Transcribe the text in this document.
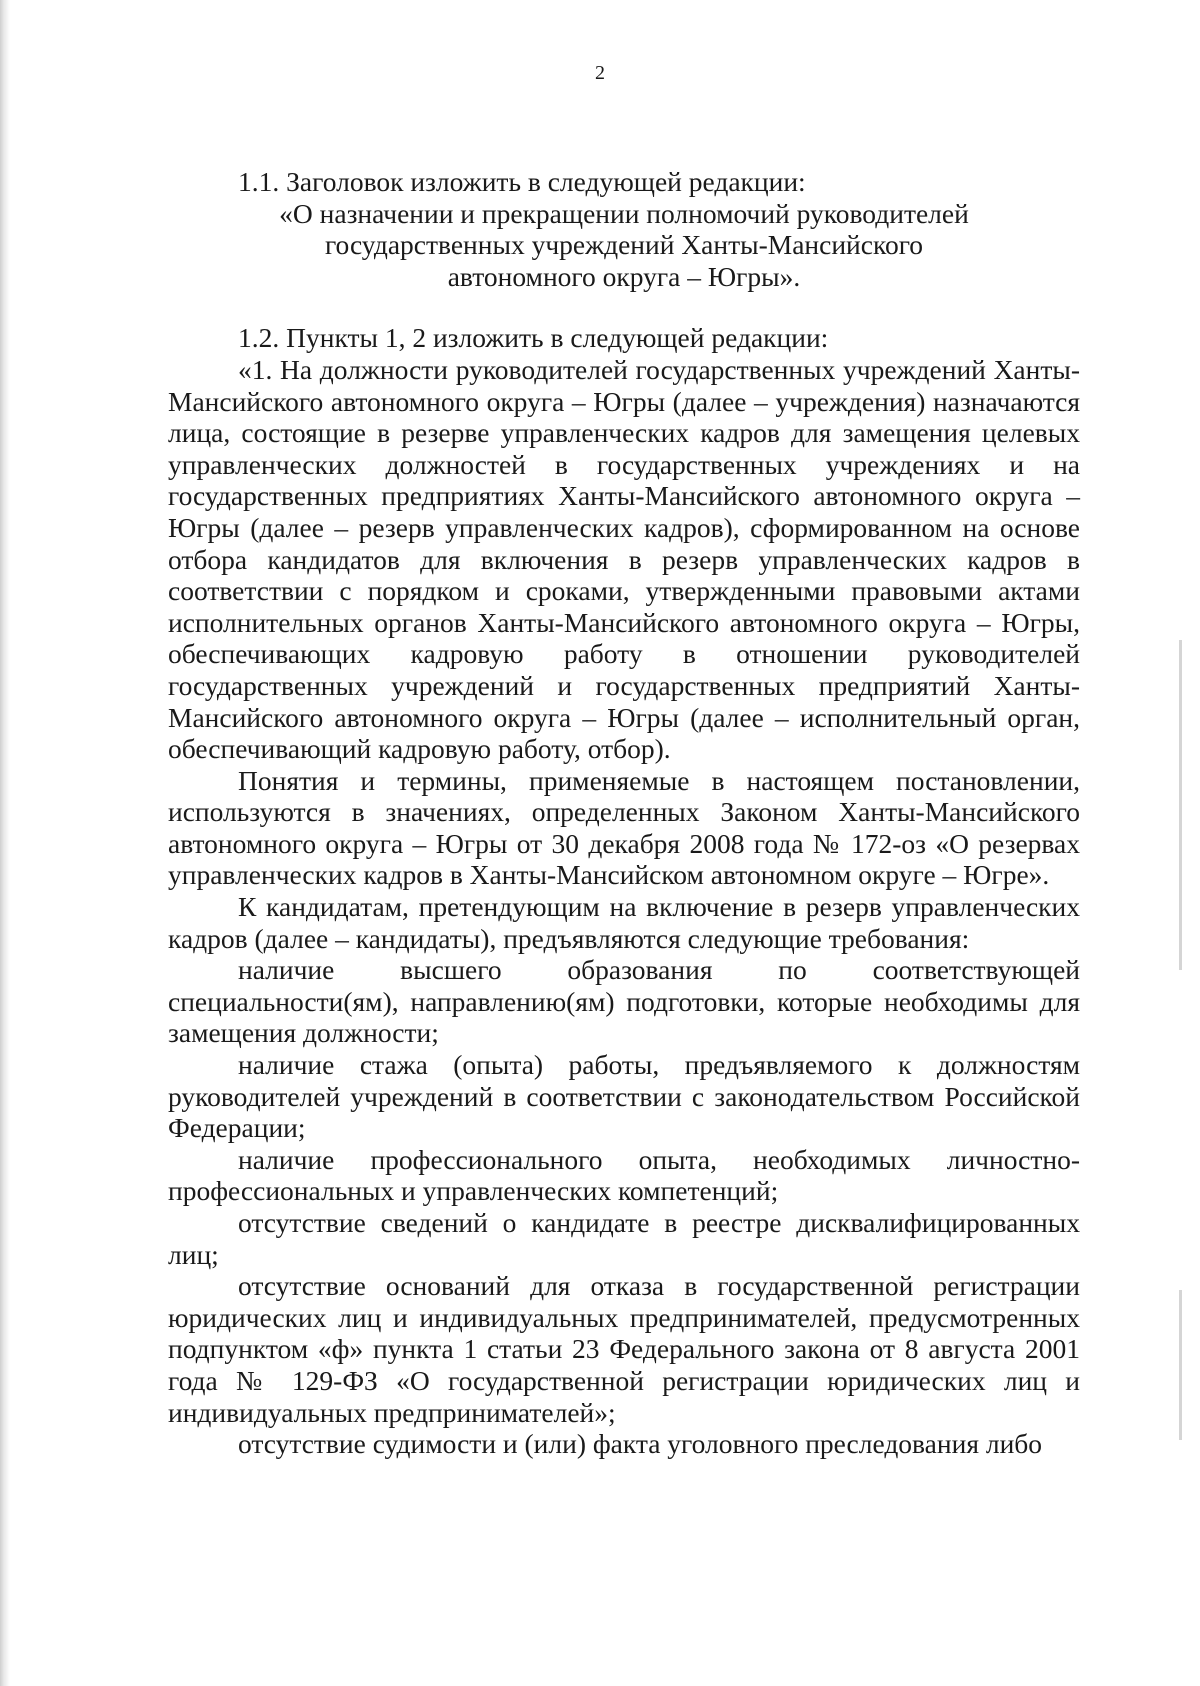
2

1.1. Заголовок изложить в следующей редакции:

«О назначении и прекращении полномочий руководителей

государственных учреждений Ханты-Мансийского

автономного округа – Югры».

1.2. Пункты 1, 2 изложить в следующей редакции:

«1. На должности руководителей государственных учреждений Ханты-Мансийского автономного округа – Югры (далее – учреждения) назначаются лица, состоящие в резерве управленческих кадров для замещения целевых управленческих должностей в государственных учреждениях и на государственных предприятиях Ханты-Мансийского автономного округа – Югры (далее – резерв управленческих кадров), сформированном на основе отбора кандидатов для включения в резерв управленческих кадров в соответствии с порядком и сроками, утвержденными правовыми актами исполнительных органов Ханты-Мансийского автономного округа – Югры, обеспечивающих кадровую работу в отношении руководителей государственных учреждений и государственных предприятий Ханты-Мансийского автономного округа – Югры (далее – исполнительный орган, обеспечивающий кадровую работу, отбор).

Понятия и термины, применяемые в настоящем постановлении, используются в значениях, определенных Законом Ханты-Мансийского автономного округа – Югры от 30 декабря 2008 года № 172-оз «О резервах управленческих кадров в Ханты-Мансийском автономном округе – Югре».

К кандидатам, претендующим на включение в резерв управленческих кадров (далее – кандидаты), предъявляются следующие требования:

наличие высшего образования по соответствующей специальности(ям), направлению(ям) подготовки, которые необходимы для замещения должности;

наличие стажа (опыта) работы, предъявляемого к должностям руководителей учреждений в соответствии с законодательством Российской Федерации;

наличие профессионального опыта, необходимых личностно-профессиональных и управленческих компетенций;

отсутствие сведений о кандидате в реестре дисквалифицированных лиц;

отсутствие оснований для отказа в государственной регистрации юридических лиц и индивидуальных предпринимателей, предусмотренных подпунктом «ф» пункта 1 статьи 23 Федерального закона от 8 августа 2001 года № 129-ФЗ «О государственной регистрации юридических лиц и индивидуальных предпринимателей»;

отсутствие судимости и (или) факта уголовного преследования либо
